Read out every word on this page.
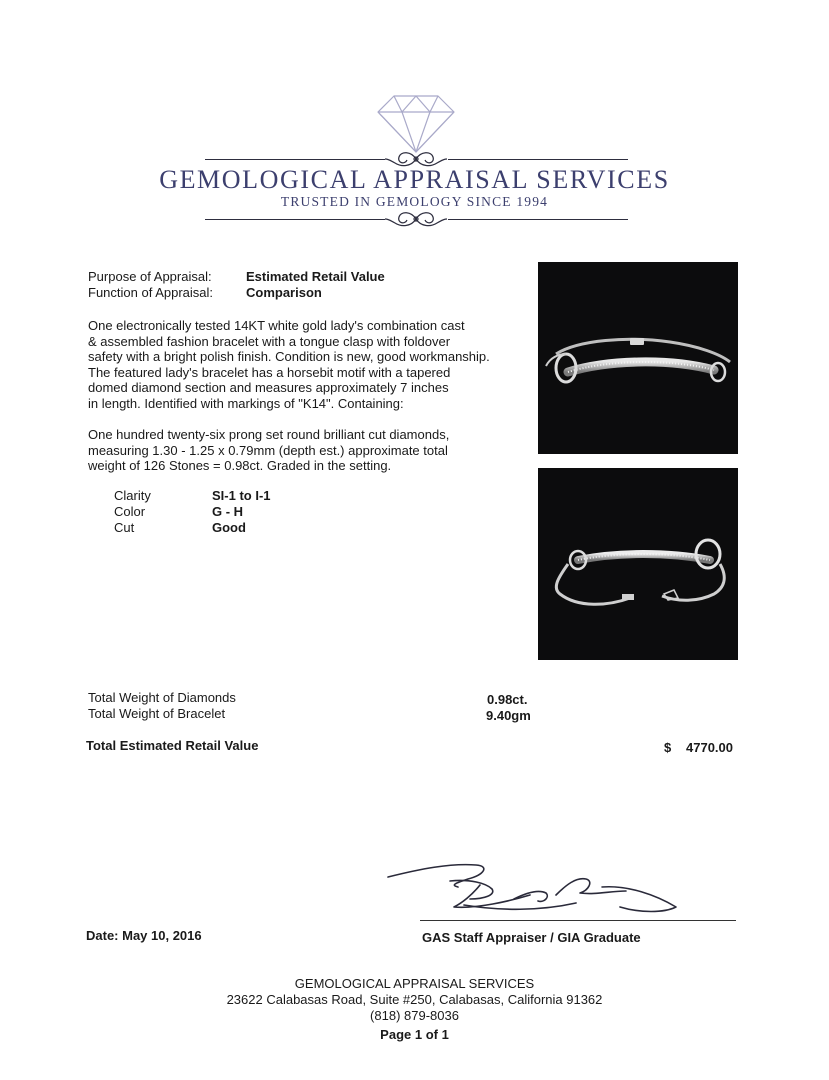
GEMOLOGICAL APPRAISAL SERVICES
TRUSTED IN GEMOLOGY SINCE 1994
Purpose of Appraisal:	Estimated Retail Value
Function of Appraisal:	Comparison
One electronically tested 14KT white gold lady's combination cast
& assembled fashion bracelet with a tongue clasp with foldover
safety with a bright polish finish. Condition is new, good workmanship.
The featured lady's bracelet has a horsebit motif with a tapered
domed diamond section and measures approximately 7 inches
in length. Identified with markings of "K14". Containing:
One hundred twenty-six prong set round brilliant cut diamonds,
measuring 1.30 - 1.25 x 0.79mm (depth est.) approximate total
weight of 126 Stones = 0.98ct. Graded in the setting.
Clarity	SI-1 to I-1
Color	G - H
Cut	Good
Total Weight of Diamonds	0.98ct.
Total Weight of Bracelet	9.40gm
Total Estimated Retail Value	$ 4770.00
Date: May 10, 2016	GAS Staff Appraiser / GIA Graduate
GEMOLOGICAL APPRAISAL SERVICES
23622 Calabasas Road, Suite #250, Calabasas, California 91362
(818) 879-8036
Page 1 of 1
